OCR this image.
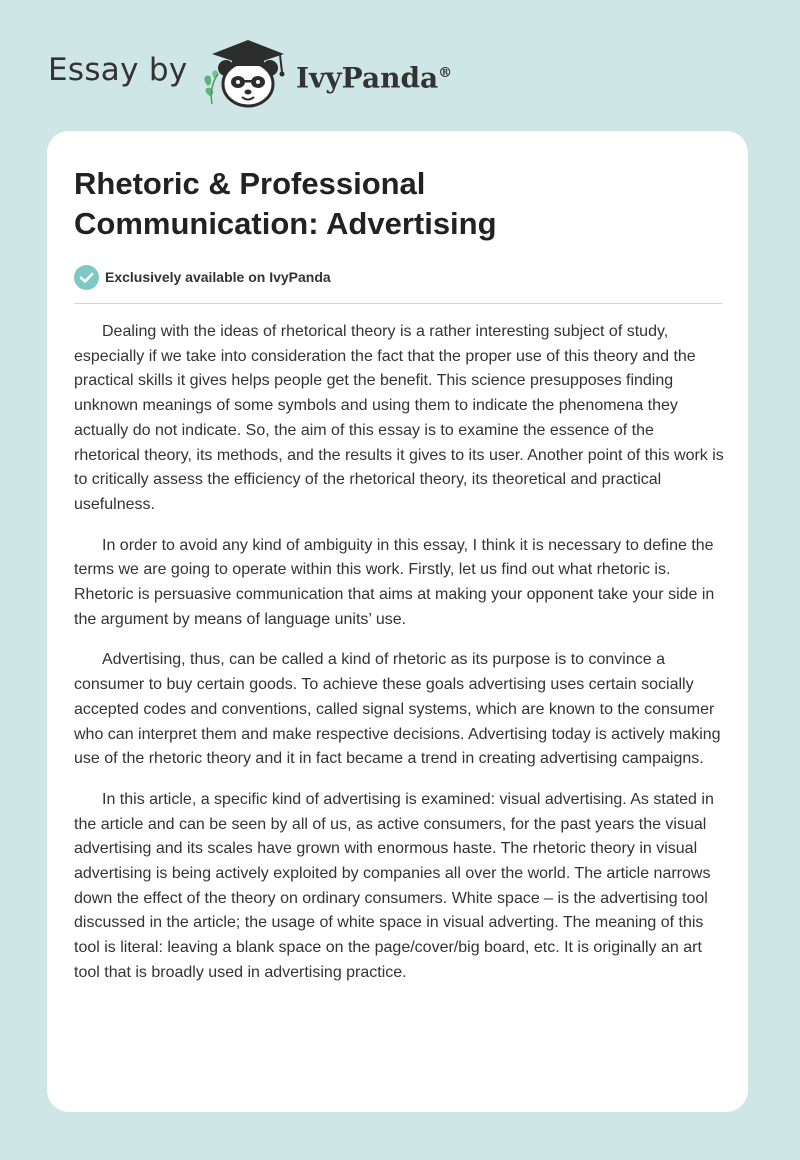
Essay by	IvyPanda®
Rhetoric & Professional Communication: Advertising
Exclusively available on IvyPanda

Dealing with the ideas of rhetorical theory is a rather interesting subject of study, especially if we take into consideration the fact that the proper use of this theory and the practical skills it gives helps people get the benefit. This science presupposes finding unknown meanings of some symbols and using them to indicate the phenomena they actually do not indicate. So, the aim of this essay is to examine the essence of the rhetorical theory, its methods, and the results it gives to its user. Another point of this work is to critically assess the efficiency of the rhetorical theory, its theoretical and practical usefulness.

In order to avoid any kind of ambiguity in this essay, I think it is necessary to define the terms we are going to operate within this work. Firstly, let us find out what rhetoric is. Rhetoric is persuasive communication that aims at making your opponent take your side in the argument by means of language units’ use.

Advertising, thus, can be called a kind of rhetoric as its purpose is to convince a consumer to buy certain goods. To achieve these goals advertising uses certain socially accepted codes and conventions, called signal systems, which are known to the consumer who can interpret them and make respective decisions. Advertising today is actively making use of the rhetoric theory and it in fact became a trend in creating advertising campaigns.

In this article, a specific kind of advertising is examined: visual advertising. As stated in the article and can be seen by all of us, as active consumers, for the past years the visual advertising and its scales have grown with enormous haste. The rhetoric theory in visual advertising is being actively exploited by companies all over the world. The article narrows down the effect of the theory on ordinary consumers. White space – is the advertising tool discussed in the article; the usage of white space in visual adverting. The meaning of this tool is literal: leaving a blank space on the page/cover/big board, etc. It is originally an art tool that is broadly used in advertising practice.
